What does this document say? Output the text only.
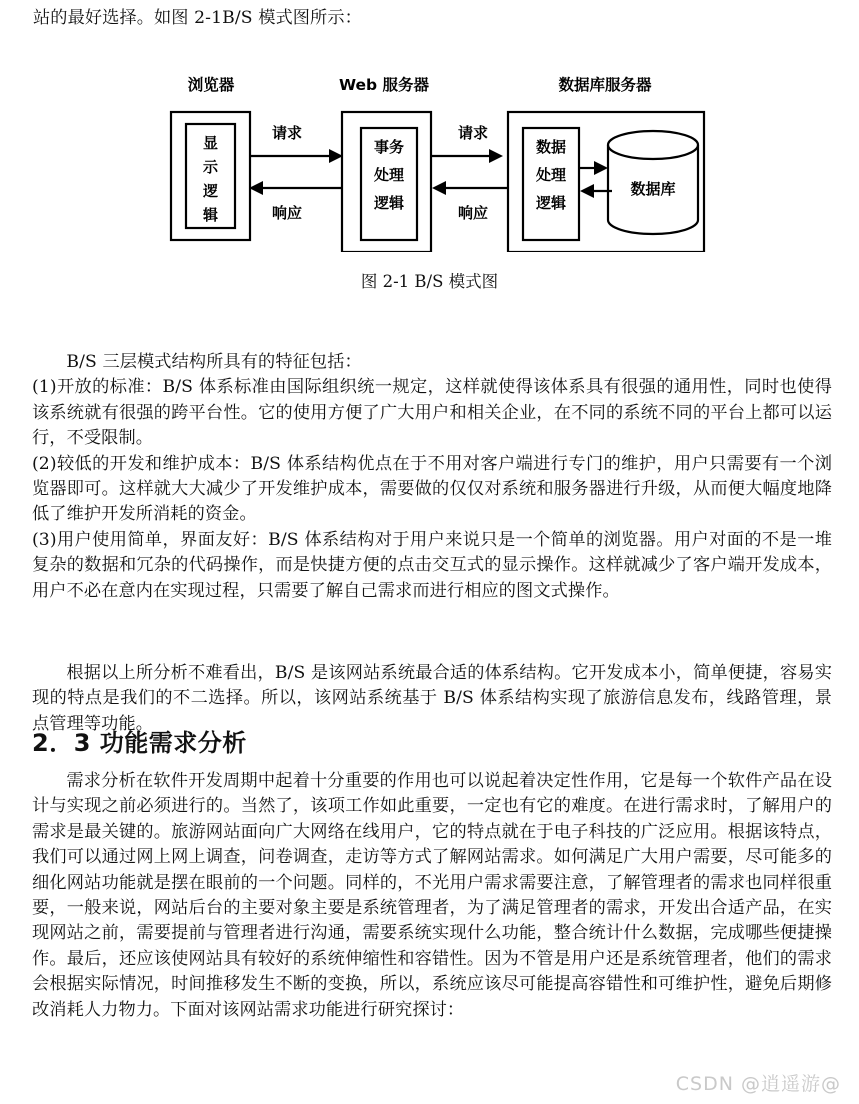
站的最好选择。如图 2-1B/S 模式图所示：

浏览器
显
示
逻
辑
请求
响应
Web 服务器
事务
处理
逻辑
请求
响应
数据库服务器
数据
处理
逻辑
数据库
图 2-1 B/S 模式图

B/S 三层模式结构所具有的特征包括：

(1)开放的标准：B/S 体系标准由国际组织统一规定，这样就使得该体系具有很强的通用性，同时也使得该系统就有很强的跨平台性。它的使用方便了广大用户和相关企业，在不同的系统不同的平台上都可以运行，不受限制。

(2)较低的开发和维护成本：B/S 体系结构优点在于不用对客户端进行专门的维护，用户只需要有一个浏览器即可。这样就大大减少了开发维护成本，需要做的仅仅对系统和服务器进行升级，从而便大幅度地降低了维护开发所消耗的资金。

(3)用户使用简单，界面友好：B/S 体系结构对于用户来说只是一个简单的浏览器。用户对面的不是一堆复杂的数据和冗杂的代码操作，而是快捷方便的点击交互式的显示操作。这样就减少了客户端开发成本，用户不必在意内在实现过程，只需要了解自己需求而进行相应的图文式操作。

根据以上所分析不难看出，B/S 是该网站系统最合适的体系结构。它开发成本小，简单便捷，容易实现的特点是我们的不二选择。所以，该网站系统基于 B/S 体系结构实现了旅游信息发布，线路管理，景点管理等功能。

2．3 功能需求分析

需求分析在软件开发周期中起着十分重要的作用也可以说起着决定性作用，它是每一个软件产品在设计与实现之前必须进行的。当然了，该项工作如此重要，一定也有它的难度。在进行需求时，了解用户的需求是最关键的。旅游网站面向广大网络在线用户，它的特点就在于电子科技的广泛应用。根据该特点，我们可以通过网上网上调查，问卷调查，走访等方式了解网站需求。如何满足广大用户需要，尽可能多的细化网站功能就是摆在眼前的一个问题。同样的，不光用户需求需要注意，了解管理者的需求也同样很重要，一般来说，网站后台的主要对象主要是系统管理者，为了满足管理者的需求，开发出合适产品，在实现网站之前，需要提前与管理者进行沟通，需要系统实现什么功能，整合统计什么数据，完成哪些便捷操作。最后，还应该使网站具有较好的系统伸缩性和容错性。因为不管是用户还是系统管理者，他们的需求会根据实际情况，时间推移发生不断的变换，所以，系统应该尽可能提高容错性和可维护性，避免后期修改消耗人力物力。下面对该网站需求功能进行研究探讨：

CSDN @逍遥游@
